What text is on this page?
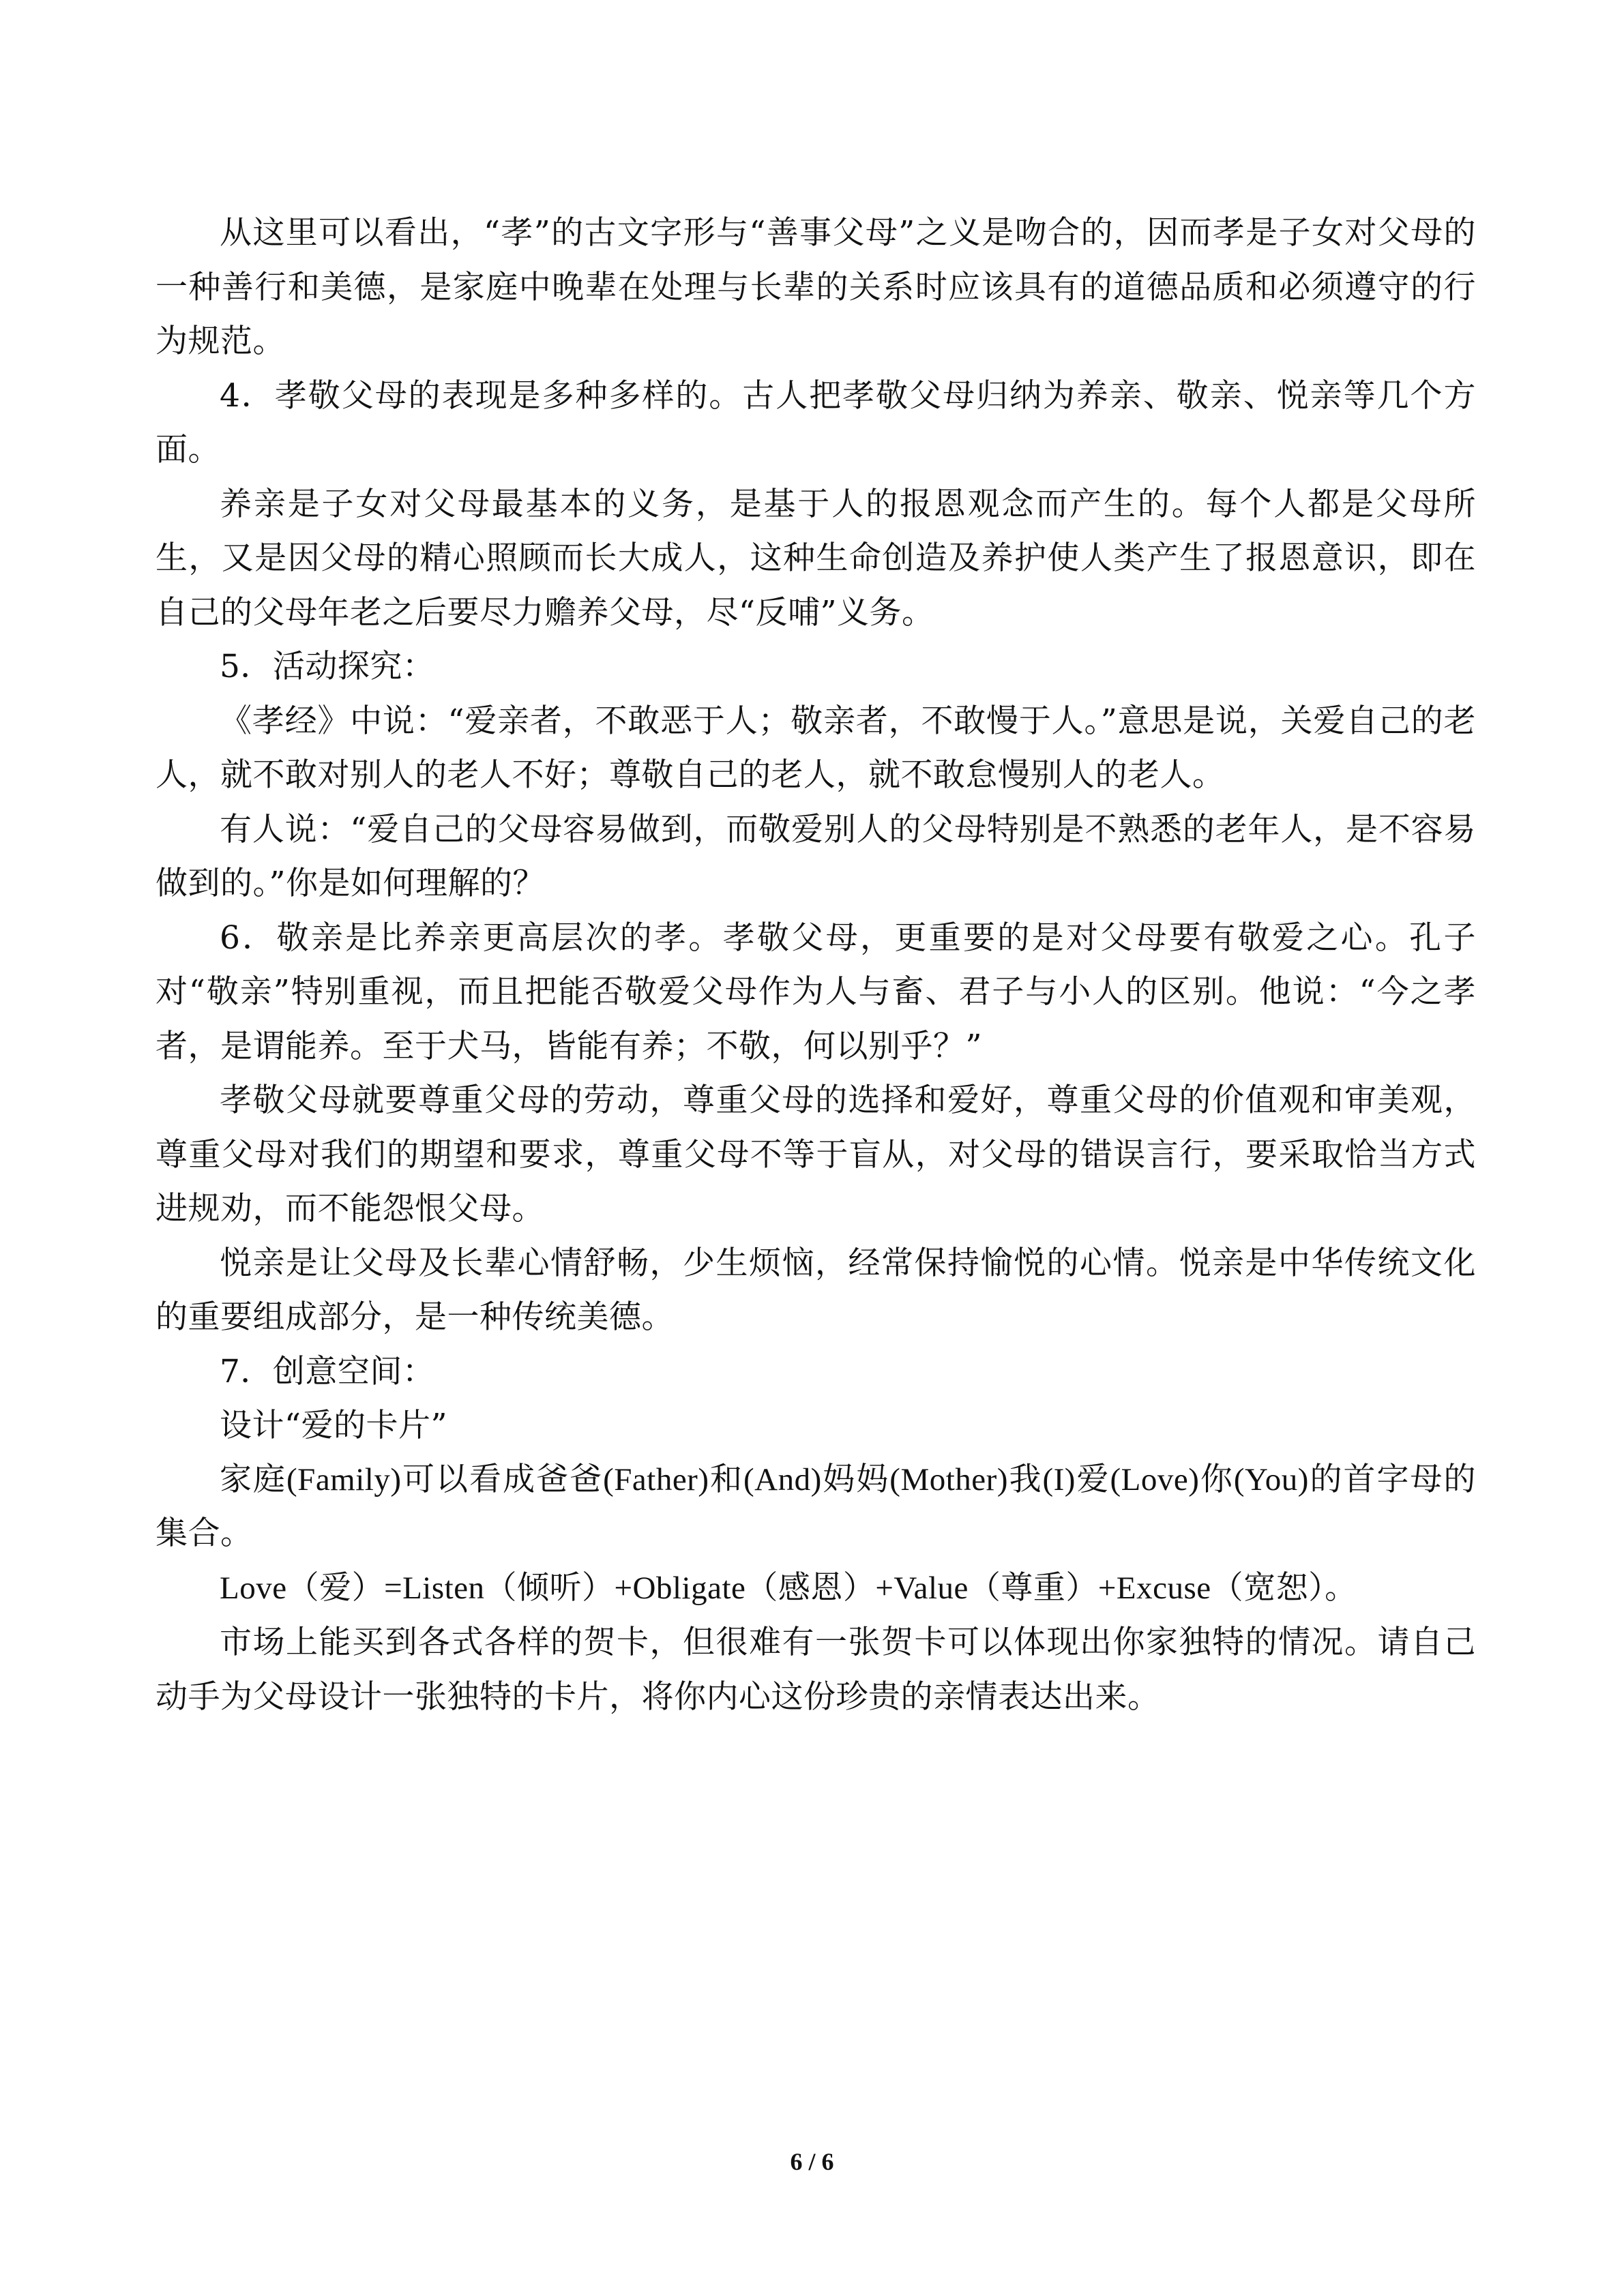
从这里可以看出，“孝”的古文字形与“善事父母”之义是吻合的，因而孝是子女对父母的一种善行和美德，是家庭中晚辈在处理与长辈的关系时应该具有的道德品质和必须遵守的行为规范。

4．孝敬父母的表现是多种多样的。古人把孝敬父母归纳为养亲、敬亲、悦亲等几个方面。

养亲是子女对父母最基本的义务，是基于人的报恩观念而产生的。每个人都是父母所生，又是因父母的精心照顾而长大成人，这种生命创造及养护使人类产生了报恩意识，即在自己的父母年老之后要尽力赡养父母，尽“反哺”义务。

5．活动探究：

《孝经》中说：“爱亲者，不敢恶于人；敬亲者，不敢慢于人。”意思是说，关爱自己的老人，就不敢对别人的老人不好；尊敬自己的老人，就不敢怠慢别人的老人。

有人说：“爱自己的父母容易做到，而敬爱别人的父母特别是不熟悉的老年人，是不容易做到的。”你是如何理解的？

6．敬亲是比养亲更高层次的孝。孝敬父母，更重要的是对父母要有敬爱之心。孔子对“敬亲”特别重视，而且把能否敬爱父母作为人与畜、君子与小人的区别。他说：“今之孝者，是谓能养。至于犬马，皆能有养；不敬，何以别乎？”

孝敬父母就要尊重父母的劳动，尊重父母的选择和爱好，尊重父母的价值观和审美观，尊重父母对我们的期望和要求，尊重父母不等于盲从，对父母的错误言行，要采取恰当方式进规劝，而不能怨恨父母。

悦亲是让父母及长辈心情舒畅，少生烦恼，经常保持愉悦的心情。悦亲是中华传统文化的重要组成部分，是一种传统美德。

7．创意空间：

设计“爱的卡片”

家庭(Family)可以看成爸爸(Father)和(And)妈妈(Mother)我(I)爱(Love)你(You)的首字母的集合。

Love（爱）=Listen（倾听）+Obligate（感恩）+Value（尊重）+Excuse（宽恕）。

市场上能买到各式各样的贺卡，但很难有一张贺卡可以体现出你家独特的情况。请自己动手为父母设计一张独特的卡片，将你内心这份珍贵的亲情表达出来。

6 / 6
